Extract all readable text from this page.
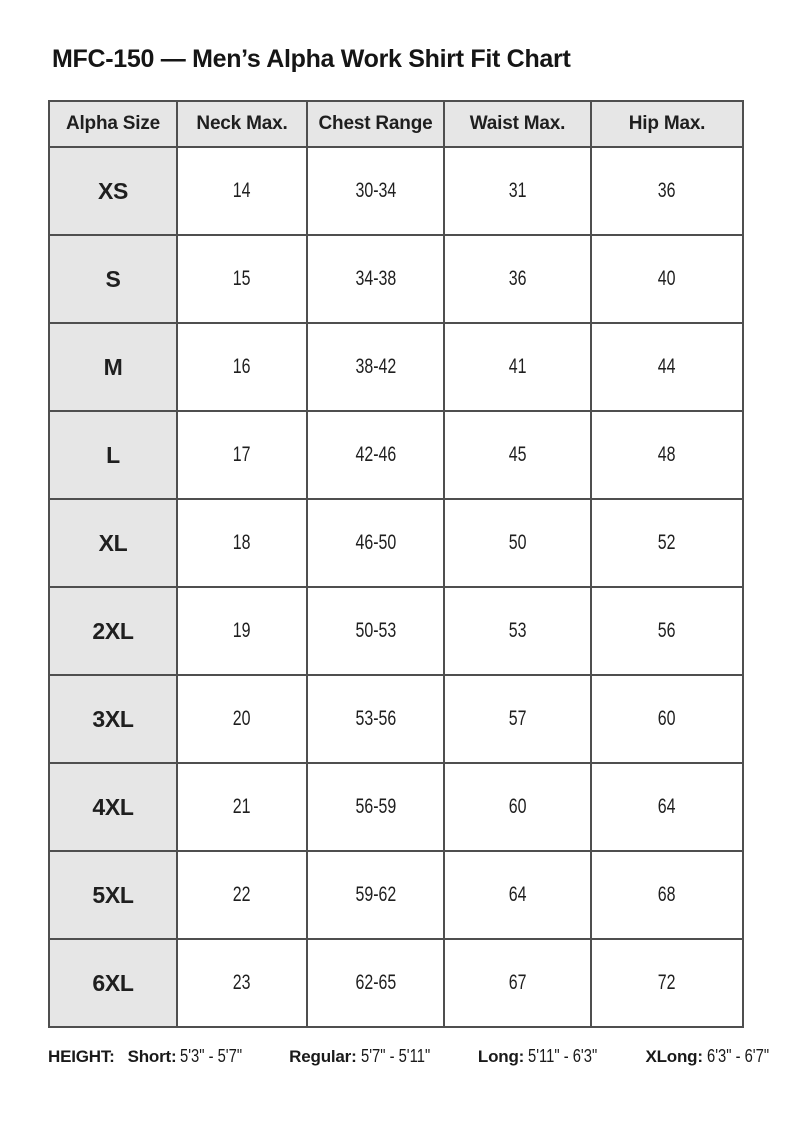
MFC-150 — Men’s Alpha Work Shirt Fit Chart
Alpha Size	Neck Max.	Chest Range	Waist Max.	Hip Max.
XS	14	30-34	31	36
S	15	34-38	36	40
M	16	38-42	41	44
L	17	42-46	45	48
XL	18	46-50	50	52
2XL	19	50-53	53	56
3XL	20	53-56	57	60
4XL	21	56-59	60	64
5XL	22	59-62	64	68
6XL	23	62-65	67	72
HEIGHT: Short: 5'3" - 5'7"	Regular: 5'7" - 5'11"	Long: 5'11" - 6'3"	XLong: 6'3" - 6'7"
